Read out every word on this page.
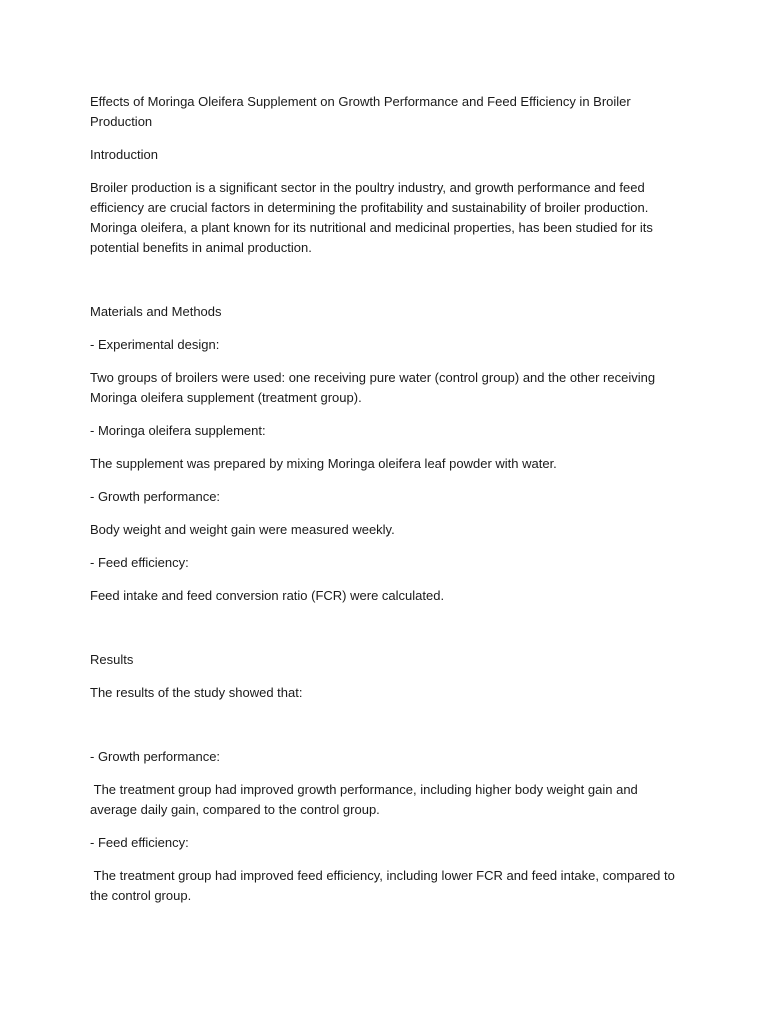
Effects of Moringa Oleifera Supplement on Growth Performance and Feed Efficiency in Broiler Production

Introduction

Broiler production is a significant sector in the poultry industry, and growth performance and feed efficiency are crucial factors in determining the profitability and sustainability of broiler production. Moringa oleifera, a plant known for its nutritional and medicinal properties, has been studied for its potential benefits in animal production.

Materials and Methods

- Experimental design:

Two groups of broilers were used: one receiving pure water (control group) and the other receiving Moringa oleifera supplement (treatment group).

- Moringa oleifera supplement:

The supplement was prepared by mixing Moringa oleifera leaf powder with water.

- Growth performance:

Body weight and weight gain were measured weekly.

- Feed efficiency:

Feed intake and feed conversion ratio (FCR) were calculated.

Results

The results of the study showed that:

- Growth performance:

The treatment group had improved growth performance, including higher body weight gain and average daily gain, compared to the control group.

- Feed efficiency:

The treatment group had improved feed efficiency, including lower FCR and feed intake, compared to the control group.
